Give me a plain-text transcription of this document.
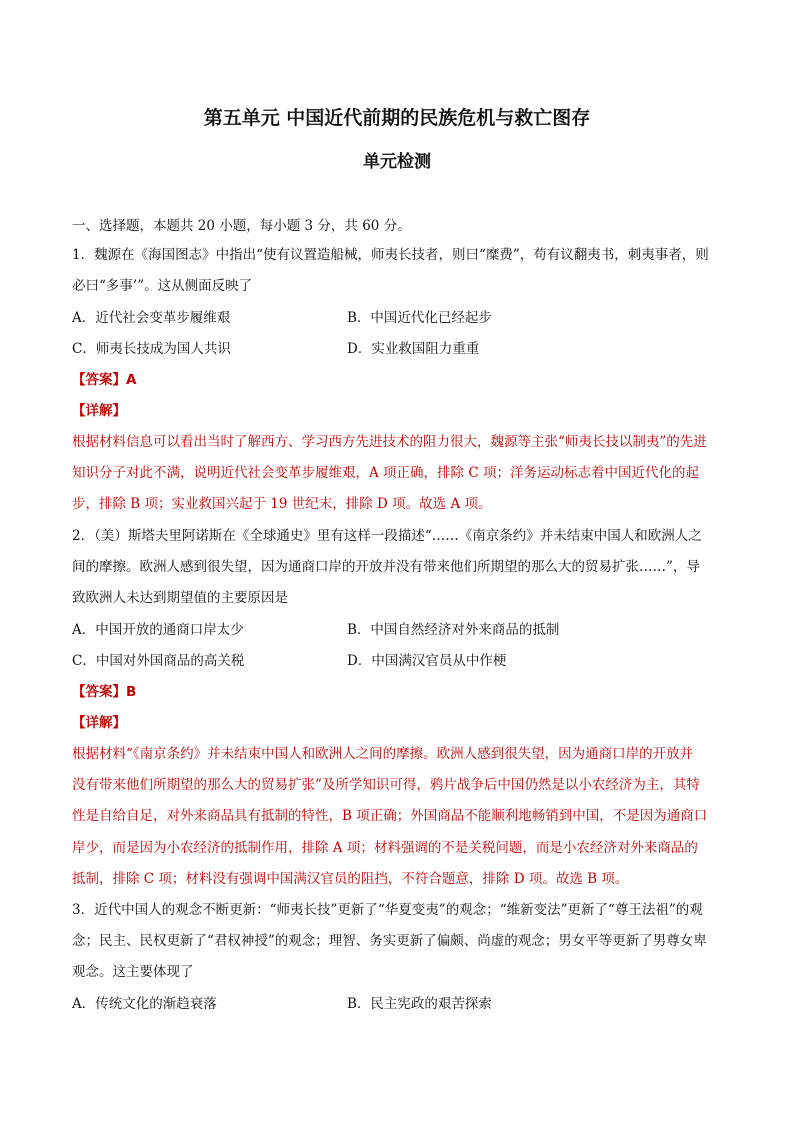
第五单元 中国近代前期的民族危机与救亡图存
单元检测
一、选择题，本题共 20 小题，每小题 3 分，共 60 分。
1．魏源在《海国图志》中指出“使有议置造船械，师夷长技者，则曰“糜费”，苟有议翻夷书，刺夷事者，则
必曰“多事’”。这从侧面反映了
A．近代社会变革步履维艰	B．中国近代化已经起步
C．师夷长技成为国人共识	D．实业救国阻力重重
【答案】A
【详解】
根据材料信息可以看出当时了解西方、学习西方先进技术的阻力很大，魏源等主张“师夷长技以制夷”的先进
知识分子对此不满，说明近代社会变革步履维艰，A 项正确，排除 C 项；洋务运动标志着中国近代化的起
步，排除 B 项；实业救国兴起于 19 世纪末，排除 D 项。故选 A 项。
2．（美）斯塔夫里阿诺斯在《全球通史》里有这样一段描述“……《南京条约》并未结束中国人和欧洲人之
间的摩擦。欧洲人感到很失望，因为通商口岸的开放并没有带来他们所期望的那么大的贸易扩张……”，导
致欧洲人未达到期望值的主要原因是
A．中国开放的通商口岸太少	B．中国自然经济对外来商品的抵制
C．中国对外国商品的高关税	D．中国满汉官员从中作梗
【答案】B
【详解】
根据材料“《南京条约》并未结束中国人和欧洲人之间的摩擦。欧洲人感到很失望，因为通商口岸的开放并
没有带来他们所期望的那么大的贸易扩张”及所学知识可得，鸦片战争后中国仍然是以小农经济为主，其特
性是自给自足，对外来商品具有抵制的特性，B 项正确；外国商品不能顺利地畅销到中国，不是因为通商口
岸少，而是因为小农经济的抵制作用，排除 A 项；材料强调的不是关税问题，而是小农经济对外来商品的
抵制，排除 C 项；材料没有强调中国满汉官员的阻挡，不符合题意，排除 D 项。故选 B 项。
3．近代中国人的观念不断更新：“师夷长技”更新了“华夏变夷”的观念；“维新变法”更新了“尊王法祖”的观
念；民主、民权更新了“君权神授”的观念；理智、务实更新了偏颇、尚虚的观念；男女平等更新了男尊女卑
观念。这主要体现了
A．传统文化的渐趋衰落	B．民主宪政的艰苦探索
